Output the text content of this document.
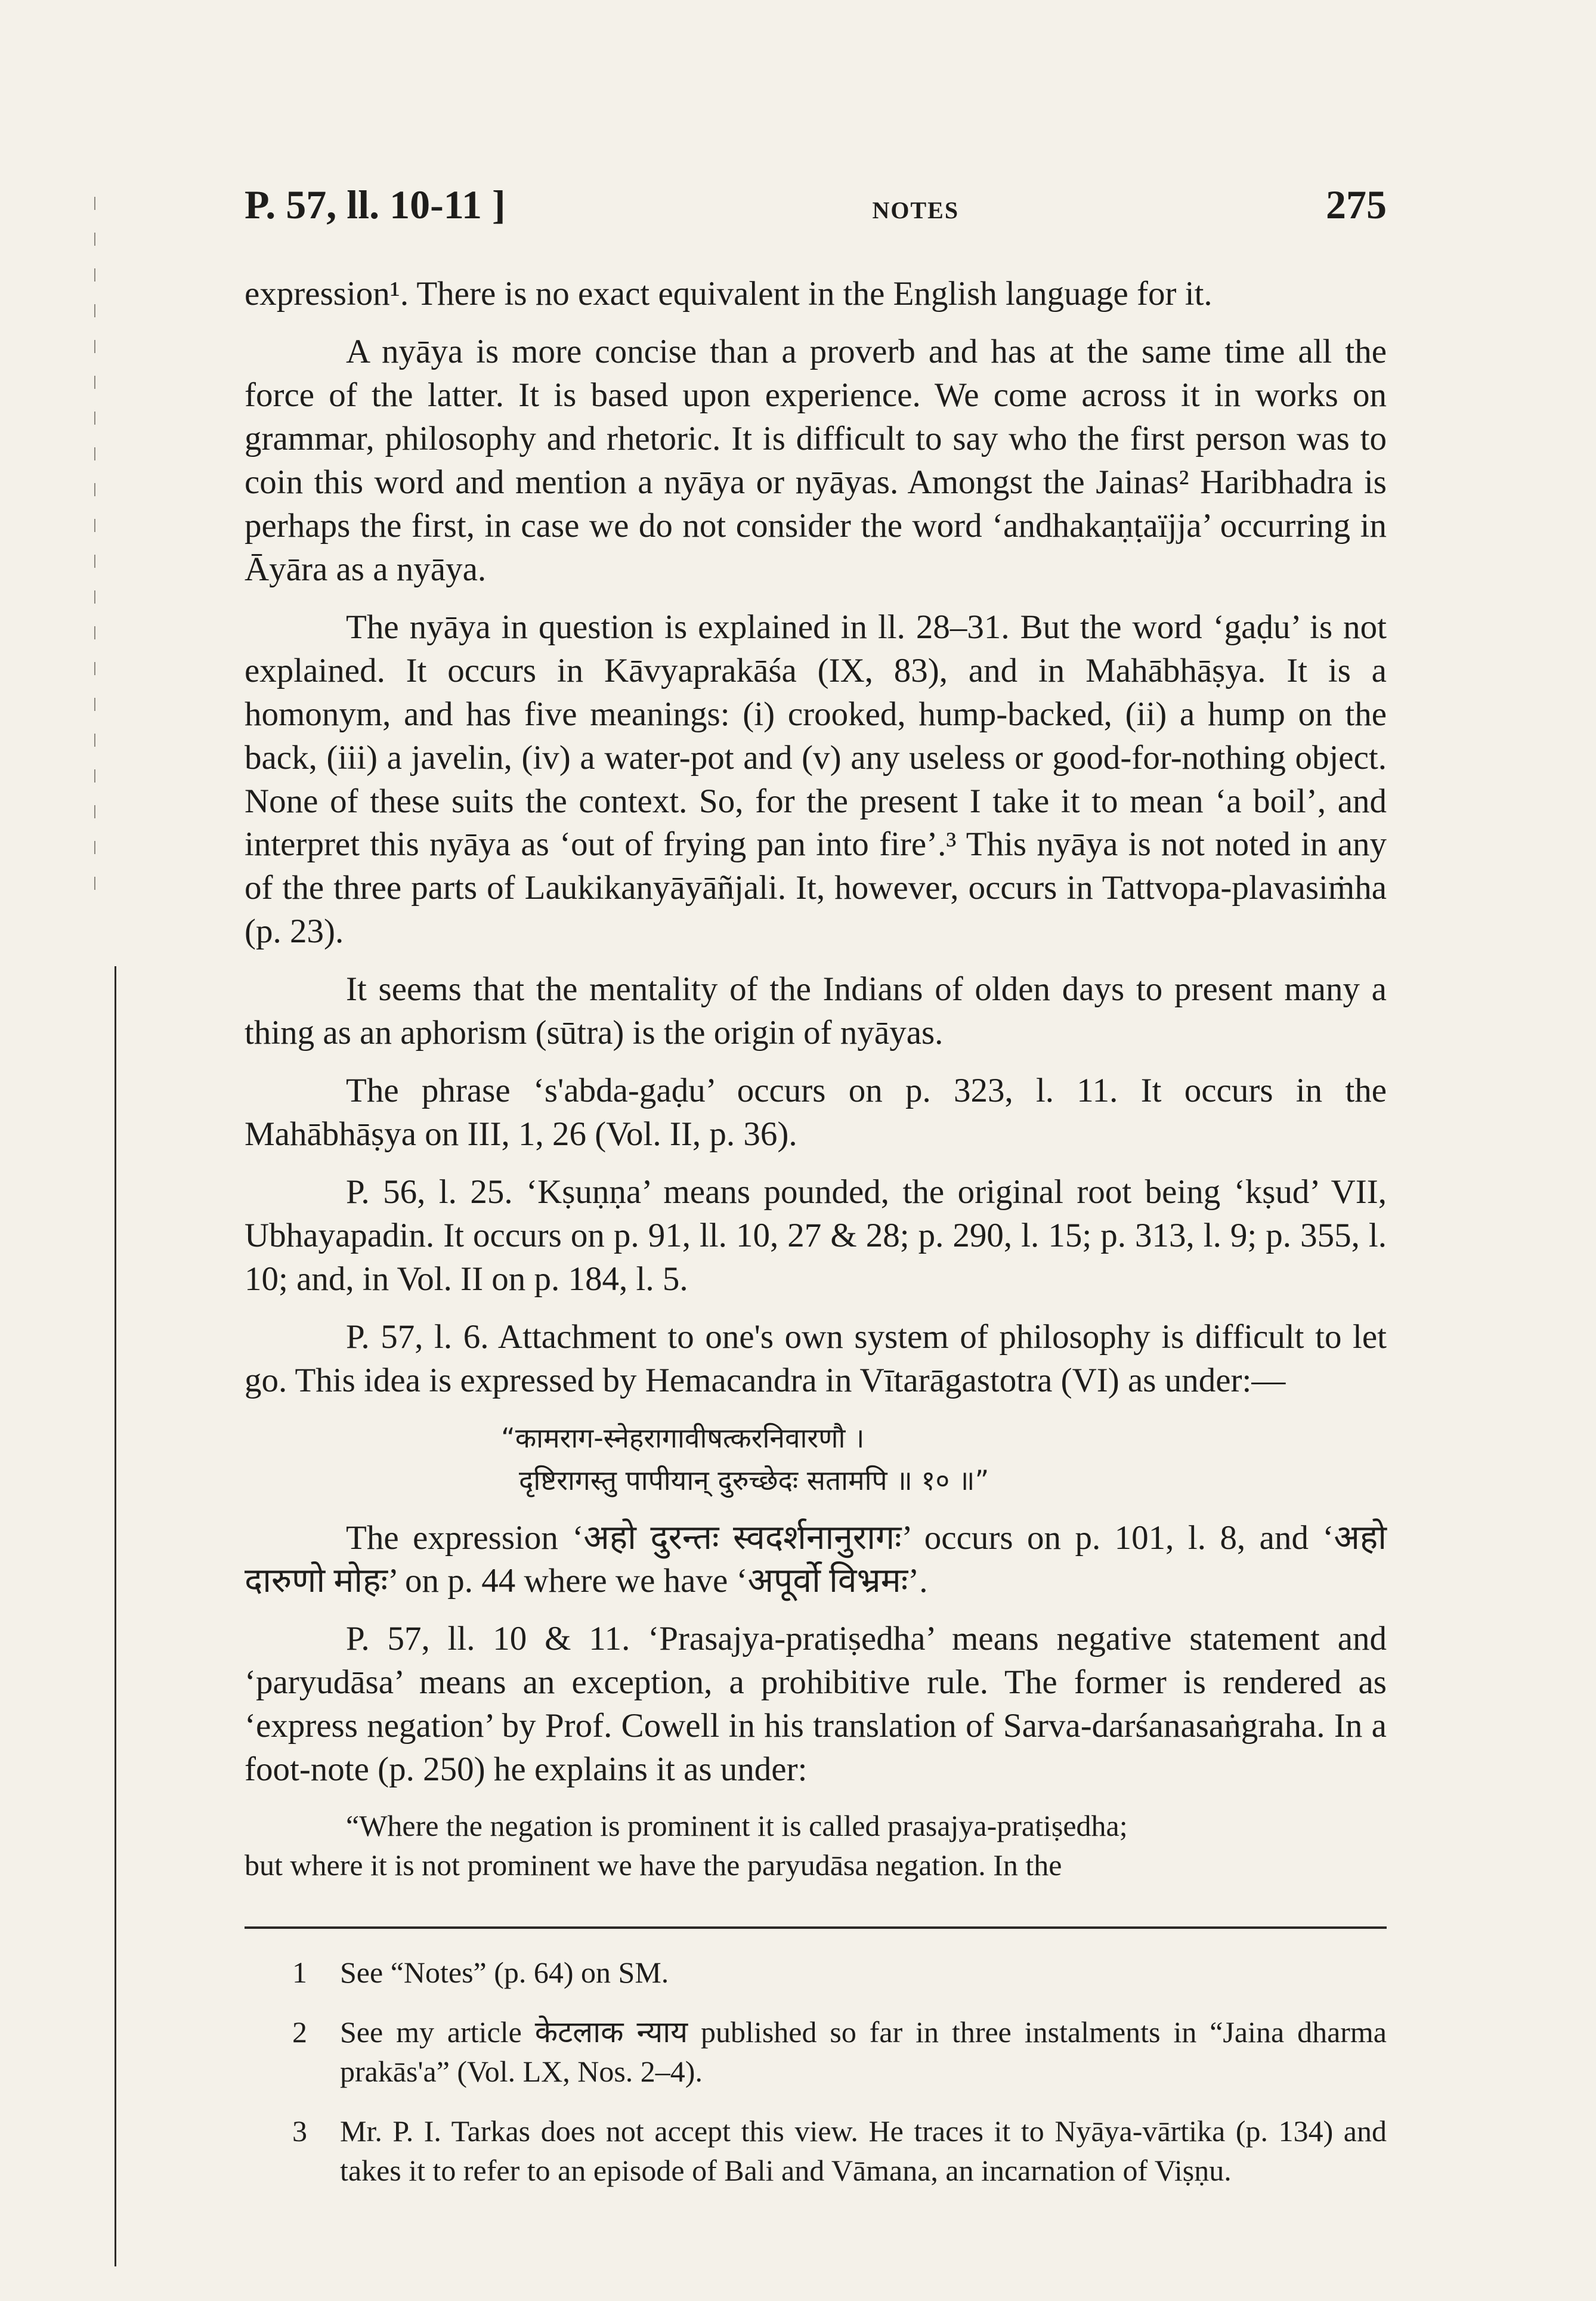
P. 57, ll. 10-11 ]	NOTES	275

expression¹. There is no exact equivalent in the English language for it.

A nyāya is more concise than a proverb and has at the same time all the force of the latter. It is based upon experience. We come across it in works on grammar, philosophy and rhetoric. It is difficult to say who the first person was to coin this word and mention a nyāya or nyāyas. Amongst the Jainas² Haribhadra is perhaps the first, in case we do not consider the word ‘andhakaṇṭaïjja’ occurring in Āyāra as a nyāya.

The nyāya in question is explained in ll. 28–31. But the word ‘gaḍu’ is not explained. It occurs in Kāvyaprakāśa (IX, 83), and in Mahābhāṣya. It is a homonym, and has five meanings: (i) crooked, hump-backed, (ii) a hump on the back, (iii) a javelin, (iv) a water-pot and (v) any useless or good-for-nothing object. None of these suits the context. So, for the present I take it to mean ‘a boil’, and interpret this nyāya as ‘out of frying pan into fire’.³ This nyāya is not noted in any of the three parts of Laukikanyāyāñjali. It, however, occurs in Tattvopa-plavasiṁha (p. 23).

It seems that the mentality of the Indians of olden days to present many a thing as an aphorism (sūtra) is the origin of nyāyas.

The phrase ‘s'abda-gaḍu’ occurs on p. 323, l. 11. It occurs in the Mahābhāṣya on III, 1, 26 (Vol. II, p. 36).

P. 56, l. 25. ‘Kṣuṇṇa’ means pounded, the original root being ‘kṣud’ VII, Ubhayapadin. It occurs on p. 91, ll. 10, 27 & 28; p. 290, l. 15; p. 313, l. 9; p. 355, l. 10; and, in Vol. II on p. 184, l. 5.

P. 57, l. 6. Attachment to one's own system of philosophy is difficult to let go. This idea is expressed by Hemacandra in Vītarāgastotra (VI) as under:—

“कामराग-स्नेहरागावीषत्करनिवारणौ ।
दृष्टिरागस्तु पापीयान् दुरुच्छेदः सतामपि ॥ १० ॥”

The expression ‘अहो दुरन्तः स्वदर्शनानुरागः’ occurs on p. 101, l. 8, and ‘अहो दारुणो मोहः’ on p. 44 where we have ‘अपूर्वो विभ्रमः’.

P. 57, ll. 10 & 11. ‘Prasajya-pratiṣedha’ means negative statement and ‘paryudāsa’ means an exception, a prohibitive rule. The former is rendered as ‘express negation’ by Prof. Cowell in his translation of Sarva-darśanasaṅgraha. In a foot-note (p. 250) he explains it as under:

“Where the negation is prominent it is called prasajya-pratiṣedha;
but where it is not prominent we have the paryudāsa negation. In the
1	See “Notes” (p. 64) on SM.
2	See my article केटलाक न्याय published so far in three instalments in “Jaina dharma prakās'a” (Vol. LX, Nos. 2–4).
3	Mr. P. I. Tarkas does not accept this view. He traces it to Nyāya-vārtika (p. 134) and takes it to refer to an episode of Bali and Vāmana, an incarnation of Viṣṇu.
